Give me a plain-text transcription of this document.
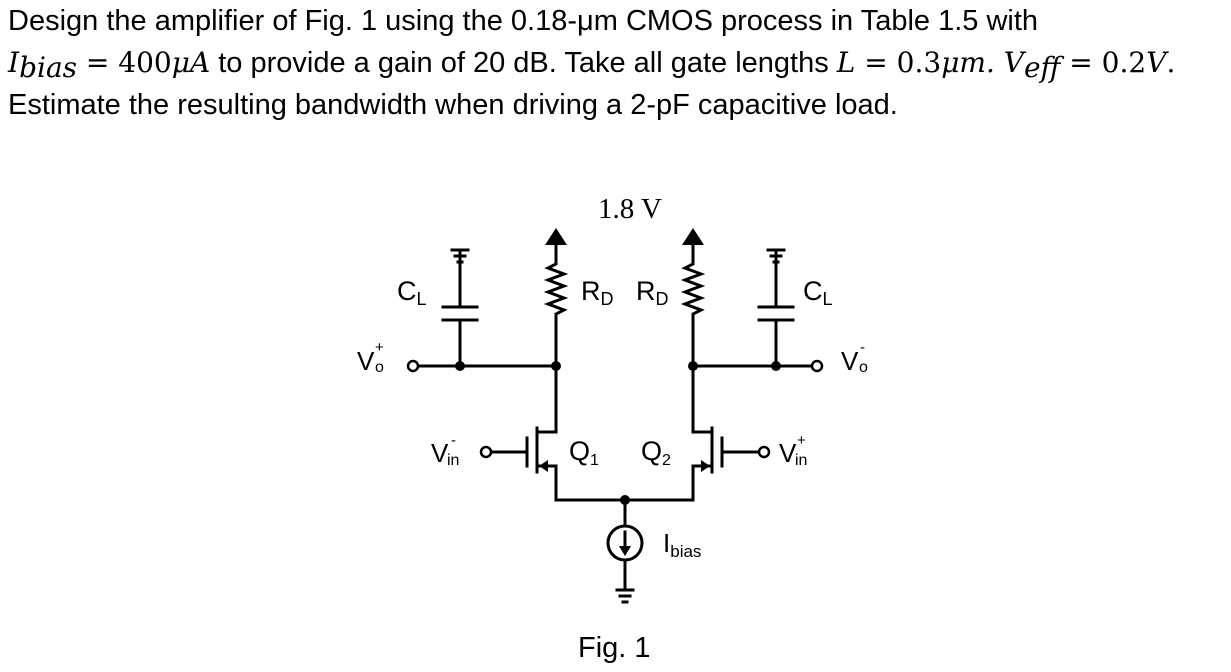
Design the amplifier of Fig. 1 using the 0.18-μm CMOS process in Table 1.5 with
$I_{bias} = 400\mu A$ to provide a gain of 20 dB. Take all gate lengths L = 0.3μm. $V_{eff} = 0.2V$.
Estimate the resulting bandwidth when driving a 2-pF capacitive load.

1.8 V
RD RD
CL	CL
V +
o	V -
o
V -
in	V +
in
Q1 Q2
Ibias
Fig. 1
